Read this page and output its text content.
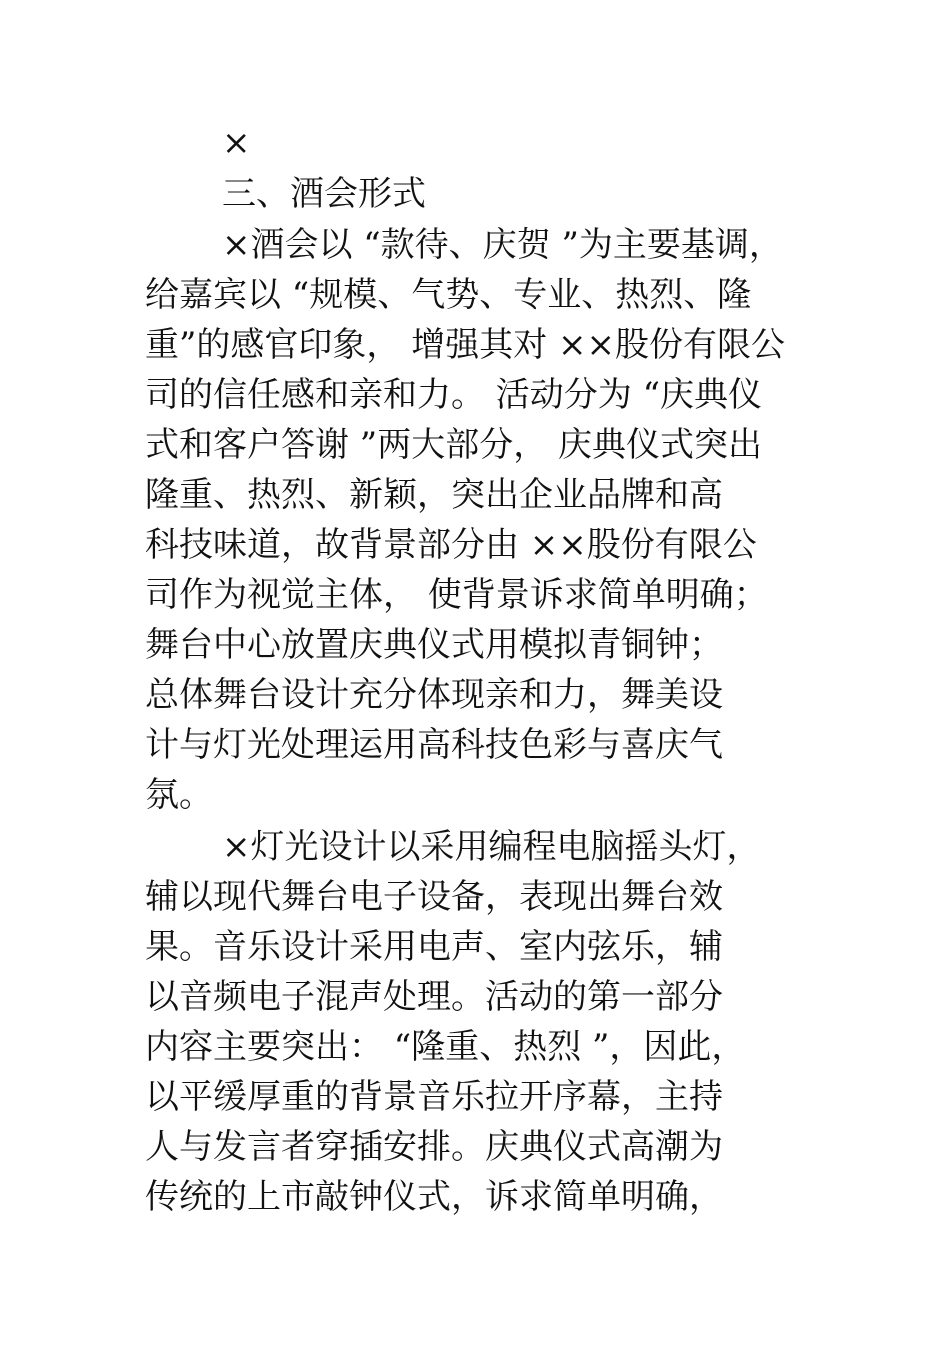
×
三、酒会形式
×酒会以 “款待、庆贺 ”为主要基调，
给嘉宾以 “规模、气势、专业、热烈、隆
重”的感官印象， 增强其对 ××股份有限公
司的信任感和亲和力。 活动分为 “庆典仪
式和客户答谢 ”两大部分， 庆典仪式突出
隆重、热烈、新颖，突出企业品牌和高
科技味道，故背景部分由 ××股份有限公
司作为视觉主体， 使背景诉求简单明确；
舞台中心放置庆典仪式用模拟青铜钟；
总体舞台设计充分体现亲和力，舞美设
计与灯光处理运用高科技色彩与喜庆气
氛。
×灯光设计以采用编程电脑摇头灯，
辅以现代舞台电子设备，表现出舞台效
果。音乐设计采用电声、室内弦乐，辅
以音频电子混声处理。活动的第一部分
内容主要突出： “隆重、热烈 ”，因此，
以平缓厚重的背景音乐拉开序幕，主持
人与发言者穿插安排。庆典仪式高潮为
传统的上市敲钟仪式，诉求简单明确，
